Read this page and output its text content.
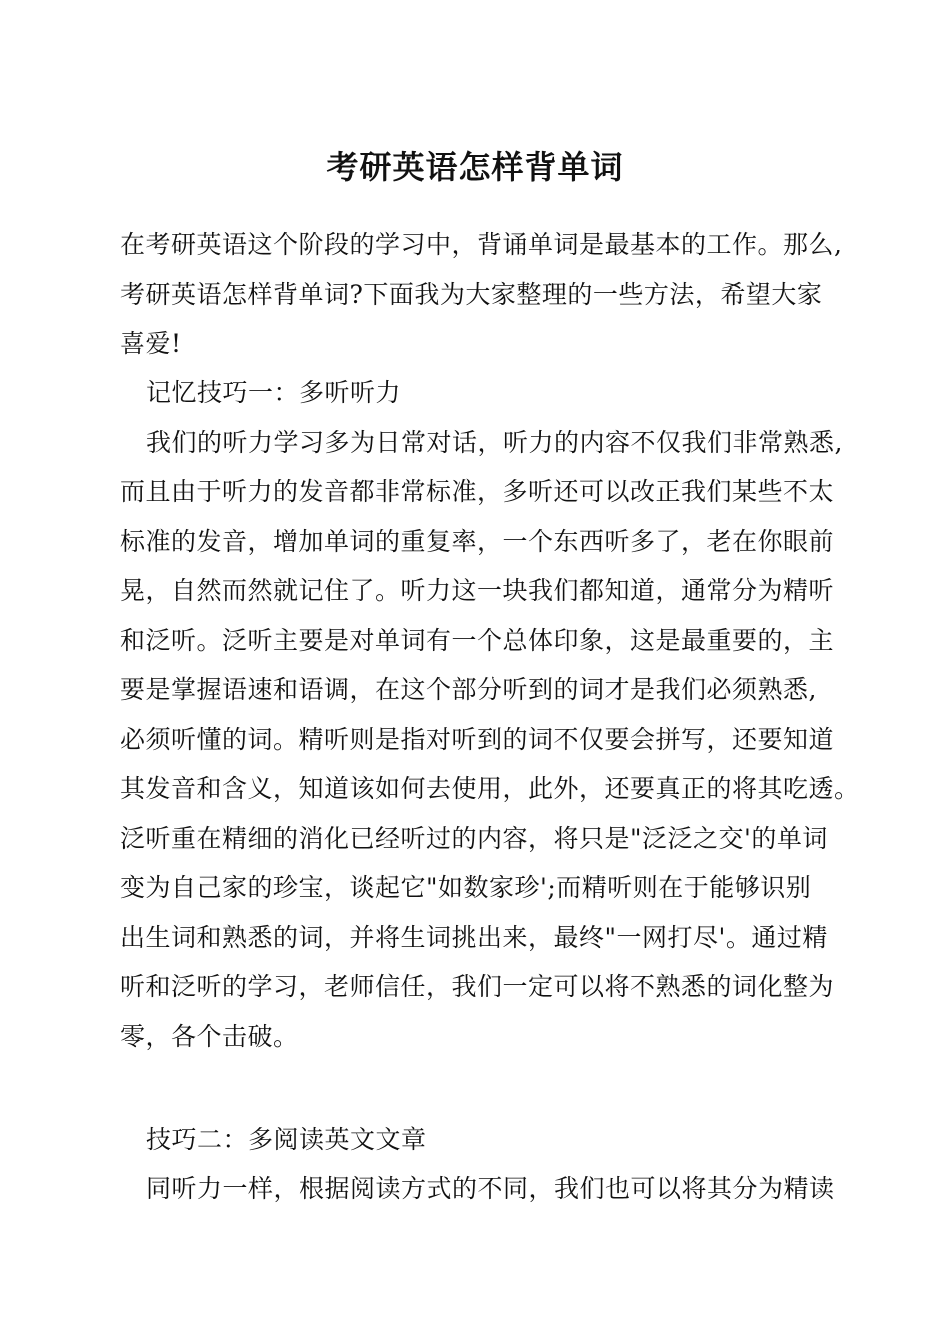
考研英语怎样背单词
在考研英语这个阶段的学习中，背诵单词是最基本的工作。那么,
考研英语怎样背单词?下面我为大家整理的一些方法，希望大家
喜爱!
记忆技巧一：多听听力
我们的听力学习多为日常对话，听力的内容不仅我们非常熟悉,
而且由于听力的发音都非常标准，多听还可以改正我们某些不太
标准的发音，增加单词的重复率，一个东西听多了，老在你眼前
晃，自然而然就记住了。听力这一块我们都知道，通常分为精听
和泛听。泛听主要是对单词有一个总体印象，这是最重要的，主
要是掌握语速和语调，在这个部分听到的词才是我们必须熟悉,
必须听懂的词。精听则是指对听到的词不仅要会拼写，还要知道
其发音和含义，知道该如何去使用，此外，还要真正的将其吃透。
泛听重在精细的消化已经听过的内容，将只是"泛泛之交'的单词
变为自己家的珍宝，谈起它"如数家珍';而精听则在于能够识别
出生词和熟悉的词，并将生词挑出来，最终"一网打尽'。通过精
听和泛听的学习，老师信任，我们一定可以将不熟悉的词化整为
零，各个击破。
技巧二：多阅读英文文章
同听力一样，根据阅读方式的不同，我们也可以将其分为精读
